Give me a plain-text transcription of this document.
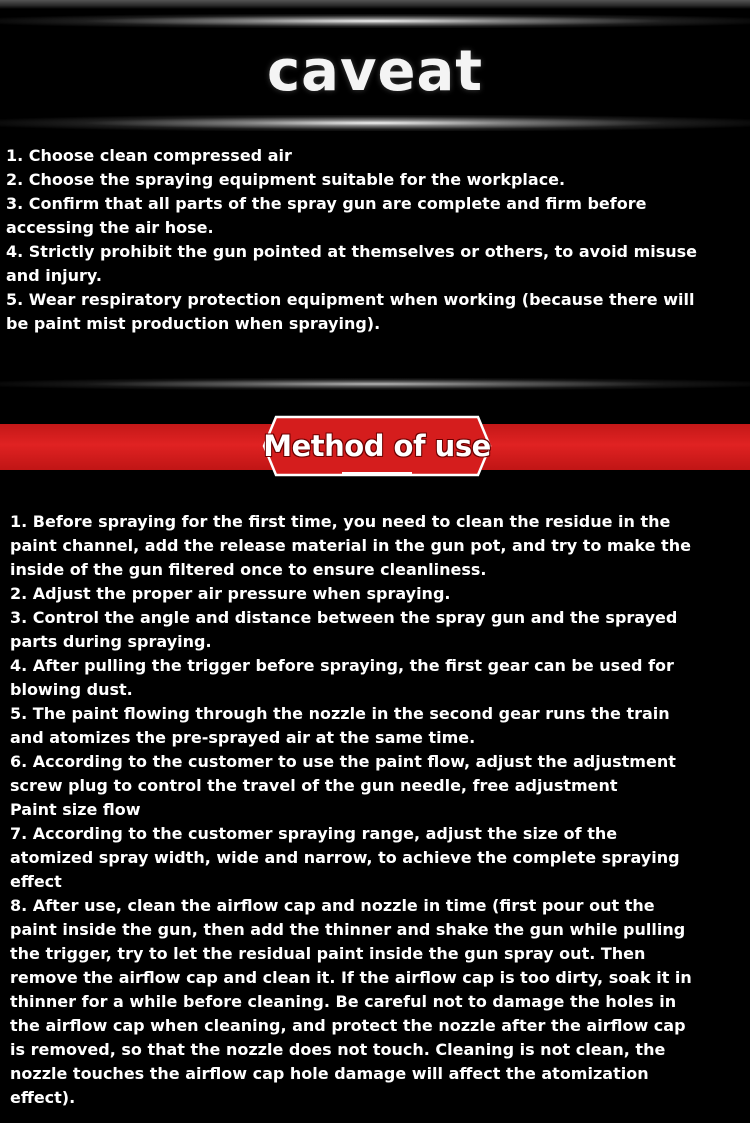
caveat
1. Choose clean compressed air
2. Choose the spraying equipment suitable for the workplace.
3. Confirm that all parts of the spray gun are complete and firm before
accessing the air hose.
4. Strictly prohibit the gun pointed at themselves or others, to avoid misuse
and injury.
5. Wear respiratory protection equipment when working (because there will
be paint mist production when spraying).
Method of use
1. Before spraying for the first time, you need to clean the residue in the
paint channel, add the release material in the gun pot, and try to make the
inside of the gun filtered once to ensure cleanliness.
2. Adjust the proper air pressure when spraying.
3. Control the angle and distance between the spray gun and the sprayed
parts during spraying.
4. After pulling the trigger before spraying, the first gear can be used for
blowing dust.
5. The paint flowing through the nozzle in the second gear runs the train
and atomizes the pre-sprayed air at the same time.
6. According to the customer to use the paint flow, adjust the adjustment
screw plug to control the travel of the gun needle, free adjustment
Paint size flow
7. According to the customer spraying range, adjust the size of the
atomized spray width, wide and narrow, to achieve the complete spraying
effect
8. After use, clean the airflow cap and nozzle in time (first pour out the
paint inside the gun, then add the thinner and shake the gun while pulling
the trigger, try to let the residual paint inside the gun spray out. Then
remove the airflow cap and clean it. If the airflow cap is too dirty, soak it in
thinner for a while before cleaning. Be careful not to damage the holes in
the airflow cap when cleaning, and protect the nozzle after the airflow cap
is removed, so that the nozzle does not touch. Cleaning is not clean, the
nozzle touches the airflow cap hole damage will affect the atomization
effect).
